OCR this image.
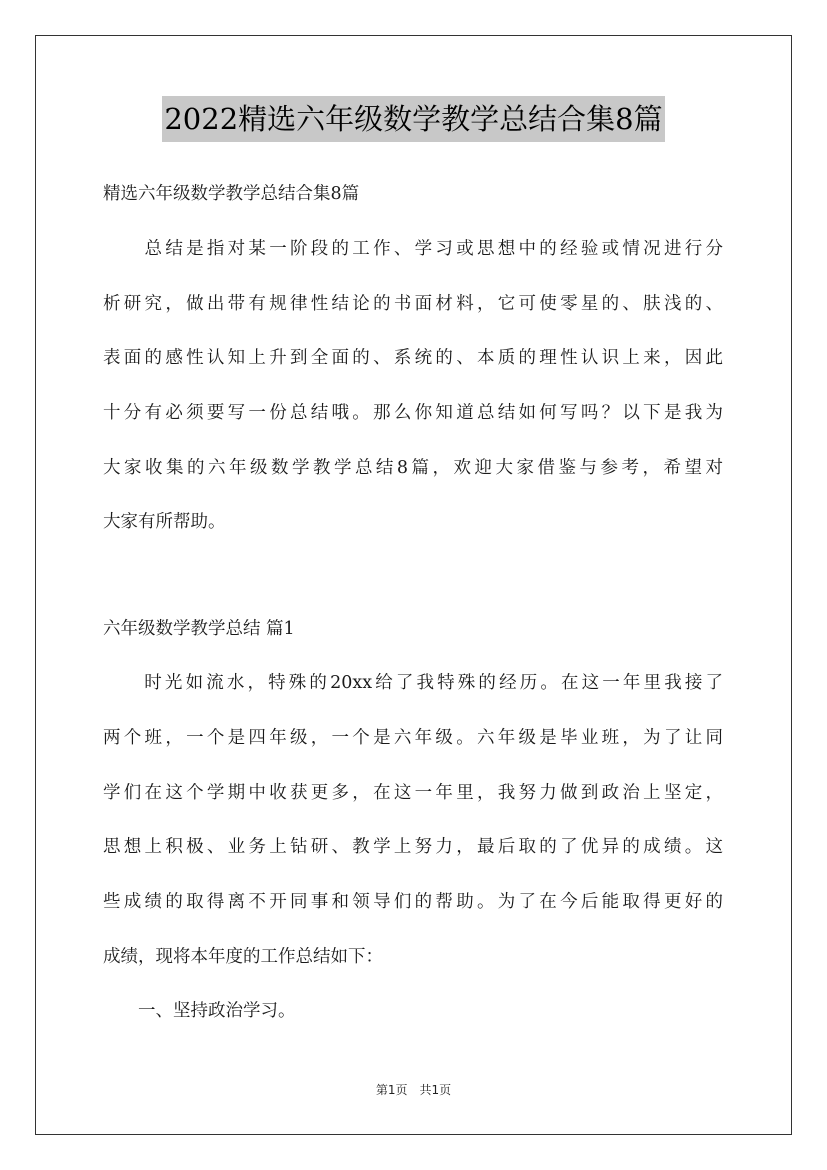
2022精选六年级数学教学总结合集8篇
精选六年级数学教学总结合集8篇
　　总结是指对某一阶段的工作、学习或思想中的经验或情况进行分
析研究，做出带有规律性结论的书面材料，它可使零星的、肤浅的、
表面的感性认知上升到全面的、系统的、本质的理性认识上来，因此
十分有必须要写一份总结哦。那么你知道总结如何写吗？以下是我为
大家收集的六年级数学教学总结8篇，欢迎大家借鉴与参考，希望对
大家有所帮助。
六年级数学教学总结 篇1
　　时光如流水，特殊的20xx给了我特殊的经历。在这一年里我接了
两个班，一个是四年级，一个是六年级。六年级是毕业班，为了让同
学们在这个学期中收获更多，在这一年里，我努力做到政治上坚定，
思想上积极、业务上钻研、教学上努力，最后取的了优异的成绩。这
些成绩的取得离不开同事和领导们的帮助。为了在今后能取得更好的
成绩，现将本年度的工作总结如下：
　　一、坚持政治学习。
第1页　共1页
